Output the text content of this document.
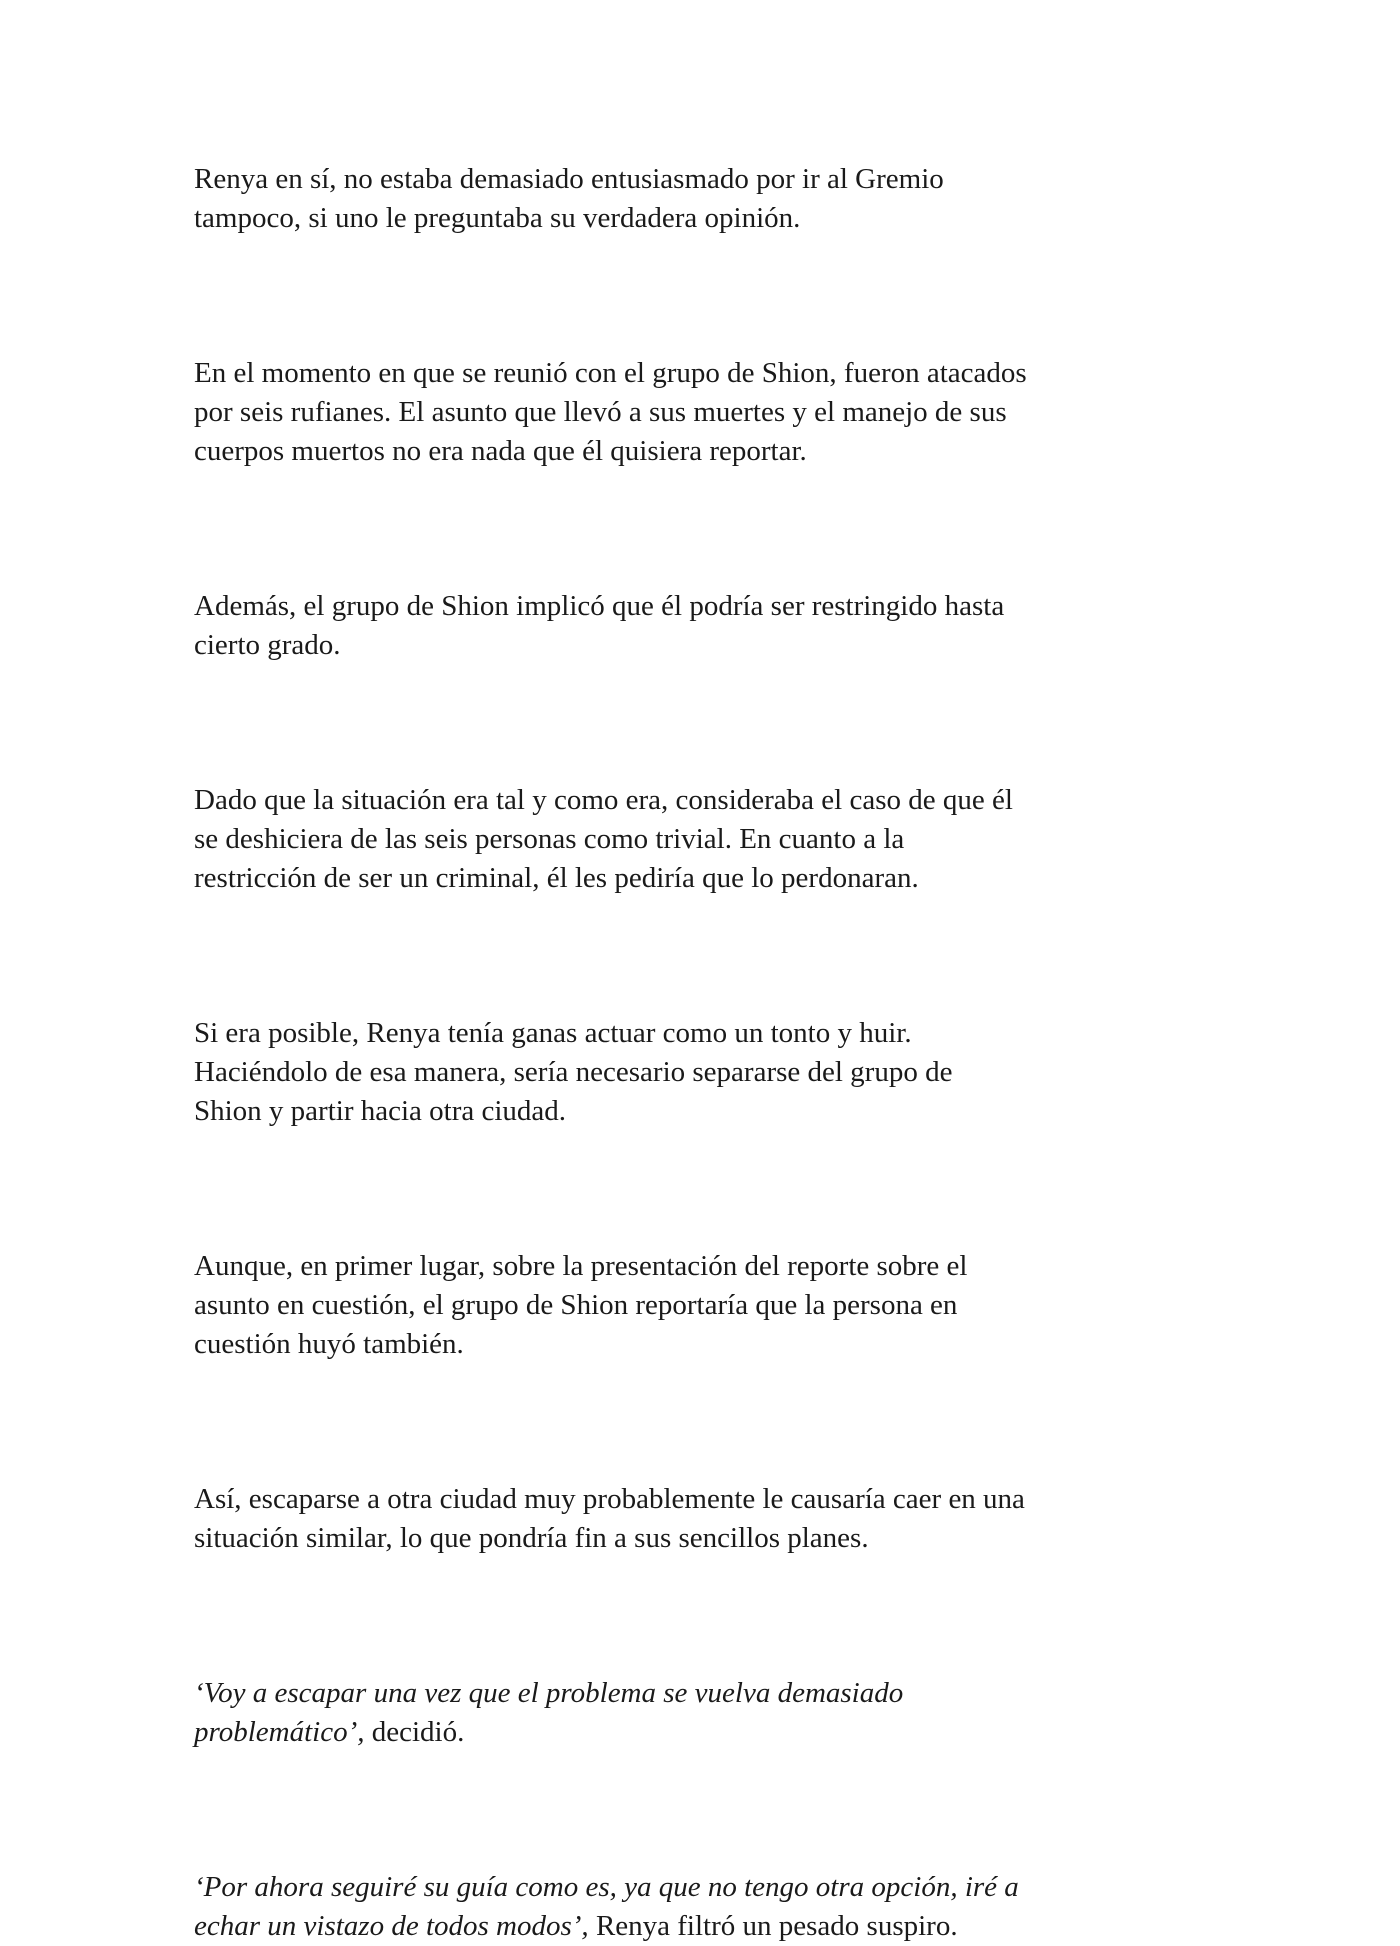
Renya en sí, no estaba demasiado entusiasmado por ir al Gremio
tampoco, si uno le preguntaba su verdadera opinión.

En el momento en que se reunió con el grupo de Shion, fueron atacados
por seis rufianes. El asunto que llevó a sus muertes y el manejo de sus
cuerpos muertos no era nada que él quisiera reportar.

Además, el grupo de Shion implicó que él podría ser restringido hasta
cierto grado.

Dado que la situación era tal y como era, consideraba el caso de que él
se deshiciera de las seis personas como trivial. En cuanto a la
restricción de ser un criminal, él les pediría que lo perdonaran.

Si era posible, Renya tenía ganas actuar como un tonto y huir.
Haciéndolo de esa manera, sería necesario separarse del grupo de
Shion y partir hacia otra ciudad.

Aunque, en primer lugar, sobre la presentación del reporte sobre el
asunto en cuestión, el grupo de Shion reportaría que la persona en
cuestión huyó también.

Así, escaparse a otra ciudad muy probablemente le causaría caer en una
situación similar, lo que pondría fin a sus sencillos planes.

‘Voy a escapar una vez que el problema se vuelva demasiado
problemático’, decidió.

‘Por ahora seguiré su guía como es, ya que no tengo otra opción, iré a
echar un vistazo de todos modos’, Renya filtró un pesado suspiro.
